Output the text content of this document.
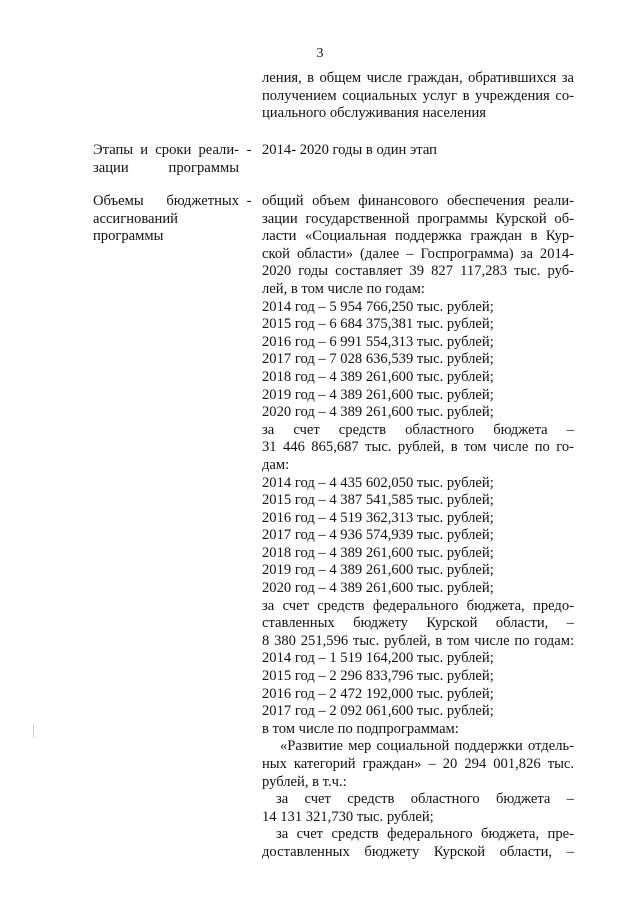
3
ления, в общем числе граждан, обратившихся за
получением социальных услуг в учреждения со-
циального обслуживания населения
Этапы и сроки реали-
зации программы
- 2014- 2020 годы в один этап
Объемы бюджетных
ассигнований
программы
- общий объем финансового обеспечения реали-
зации государственной программы Курской об-
ласти «Социальная поддержка граждан в Кур-
ской области» (далее – Госпрограмма) за 2014-
2020 годы составляет 39 827 117,283 тыс. руб-
лей, в том числе по годам:
2014 год – 5 954 766,250 тыс. рублей;
2015 год – 6 684 375,381 тыс. рублей;
2016 год – 6 991 554,313 тыс. рублей;
2017 год – 7 028 636,539 тыс. рублей;
2018 год – 4 389 261,600 тыс. рублей;
2019 год – 4 389 261,600 тыс. рублей;
2020 год – 4 389 261,600 тыс. рублей;
за счет средств областного бюджета –
31 446 865,687 тыс. рублей, в том числе по го-
дам:
2014 год – 4 435 602,050 тыс. рублей;
2015 год – 4 387 541,585 тыс. рублей;
2016 год – 4 519 362,313 тыс. рублей;
2017 год – 4 936 574,939 тыс. рублей;
2018 год – 4 389 261,600 тыс. рублей;
2019 год – 4 389 261,600 тыс. рублей;
2020 год – 4 389 261,600 тыс. рублей;
за счет средств федерального бюджета, предо-
ставленных бюджету Курской области, –
8 380 251,596 тыс. рублей, в том числе по годам:
2014 год – 1 519 164,200 тыс. рублей;
2015 год – 2 296 833,796 тыс. рублей;
2016 год – 2 472 192,000 тыс. рублей;
2017 год – 2 092 061,600 тыс. рублей;
в том числе по подпрограммам:
«Развитие мер социальной поддержки отдель-
ных категорий граждан» – 20 294 001,826 тыс.
рублей, в т.ч.:
за счет средств областного бюджета –
14 131 321,730 тыс. рублей;
за счет средств федерального бюджета, пре-
доставленных бюджету Курской области, –
